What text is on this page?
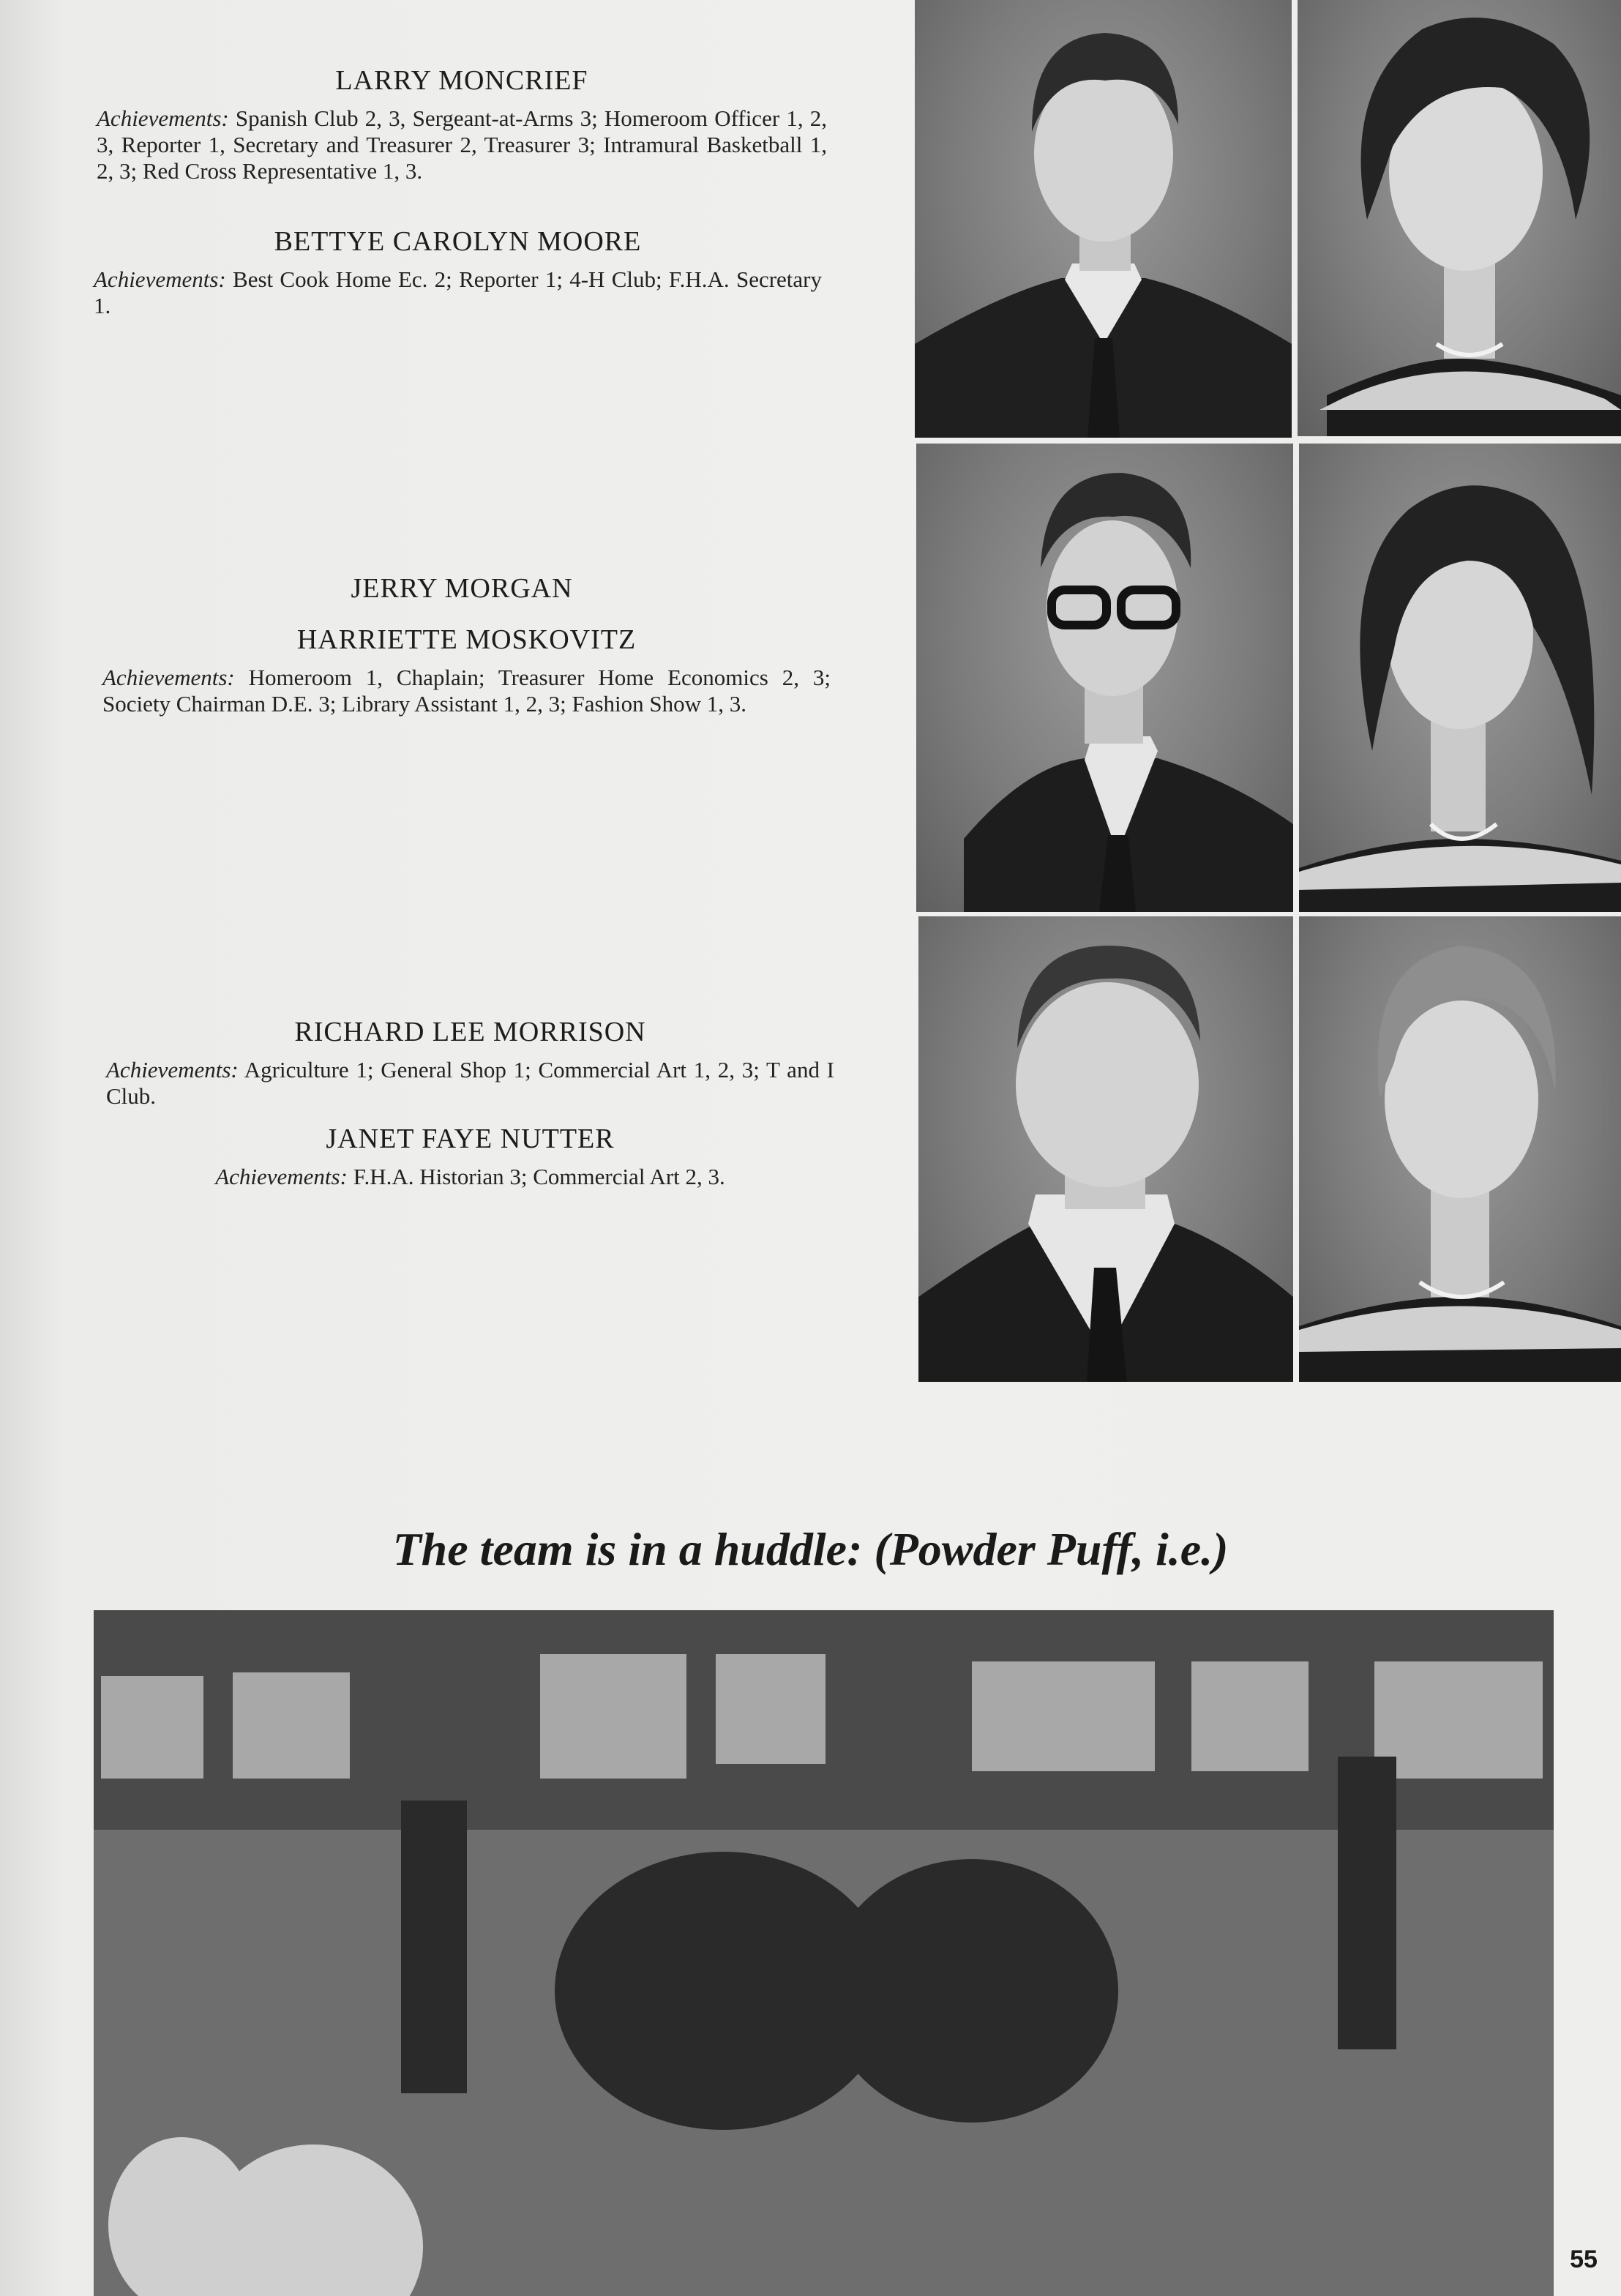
LARRY MONCRIEF

Achievements: Spanish Club 2, 3, Sergeant-at-Arms 3; Homeroom Officer 1, 2, 3, Reporter 1, Secretary and Treasurer 2, Treasurer 3; Intramural Basketball 1, 2, 3; Red Cross Representative 1, 3.

BETTYE CAROLYN MOORE

Achievements: Best Cook Home Ec. 2; Reporter 1; 4-H Club; F.H.A. Secretary 1.

JERRY MORGAN

HARRIETTE MOSKOVITZ

Achievements: Homeroom 1, Chaplain; Treasurer Home Economics 2, 3; Society Chairman D.E. 3; Library Assistant 1, 2, 3; Fashion Show 1, 3.

RICHARD LEE MORRISON

Achievements: Agriculture 1; General Shop 1; Commercial Art 1, 2, 3; T and I Club.

JANET FAYE NUTTER

Achievements: F.H.A. Historian 3; Commercial Art 2, 3.

The team is in a huddle: (Powder Puff, i.e.)
55
